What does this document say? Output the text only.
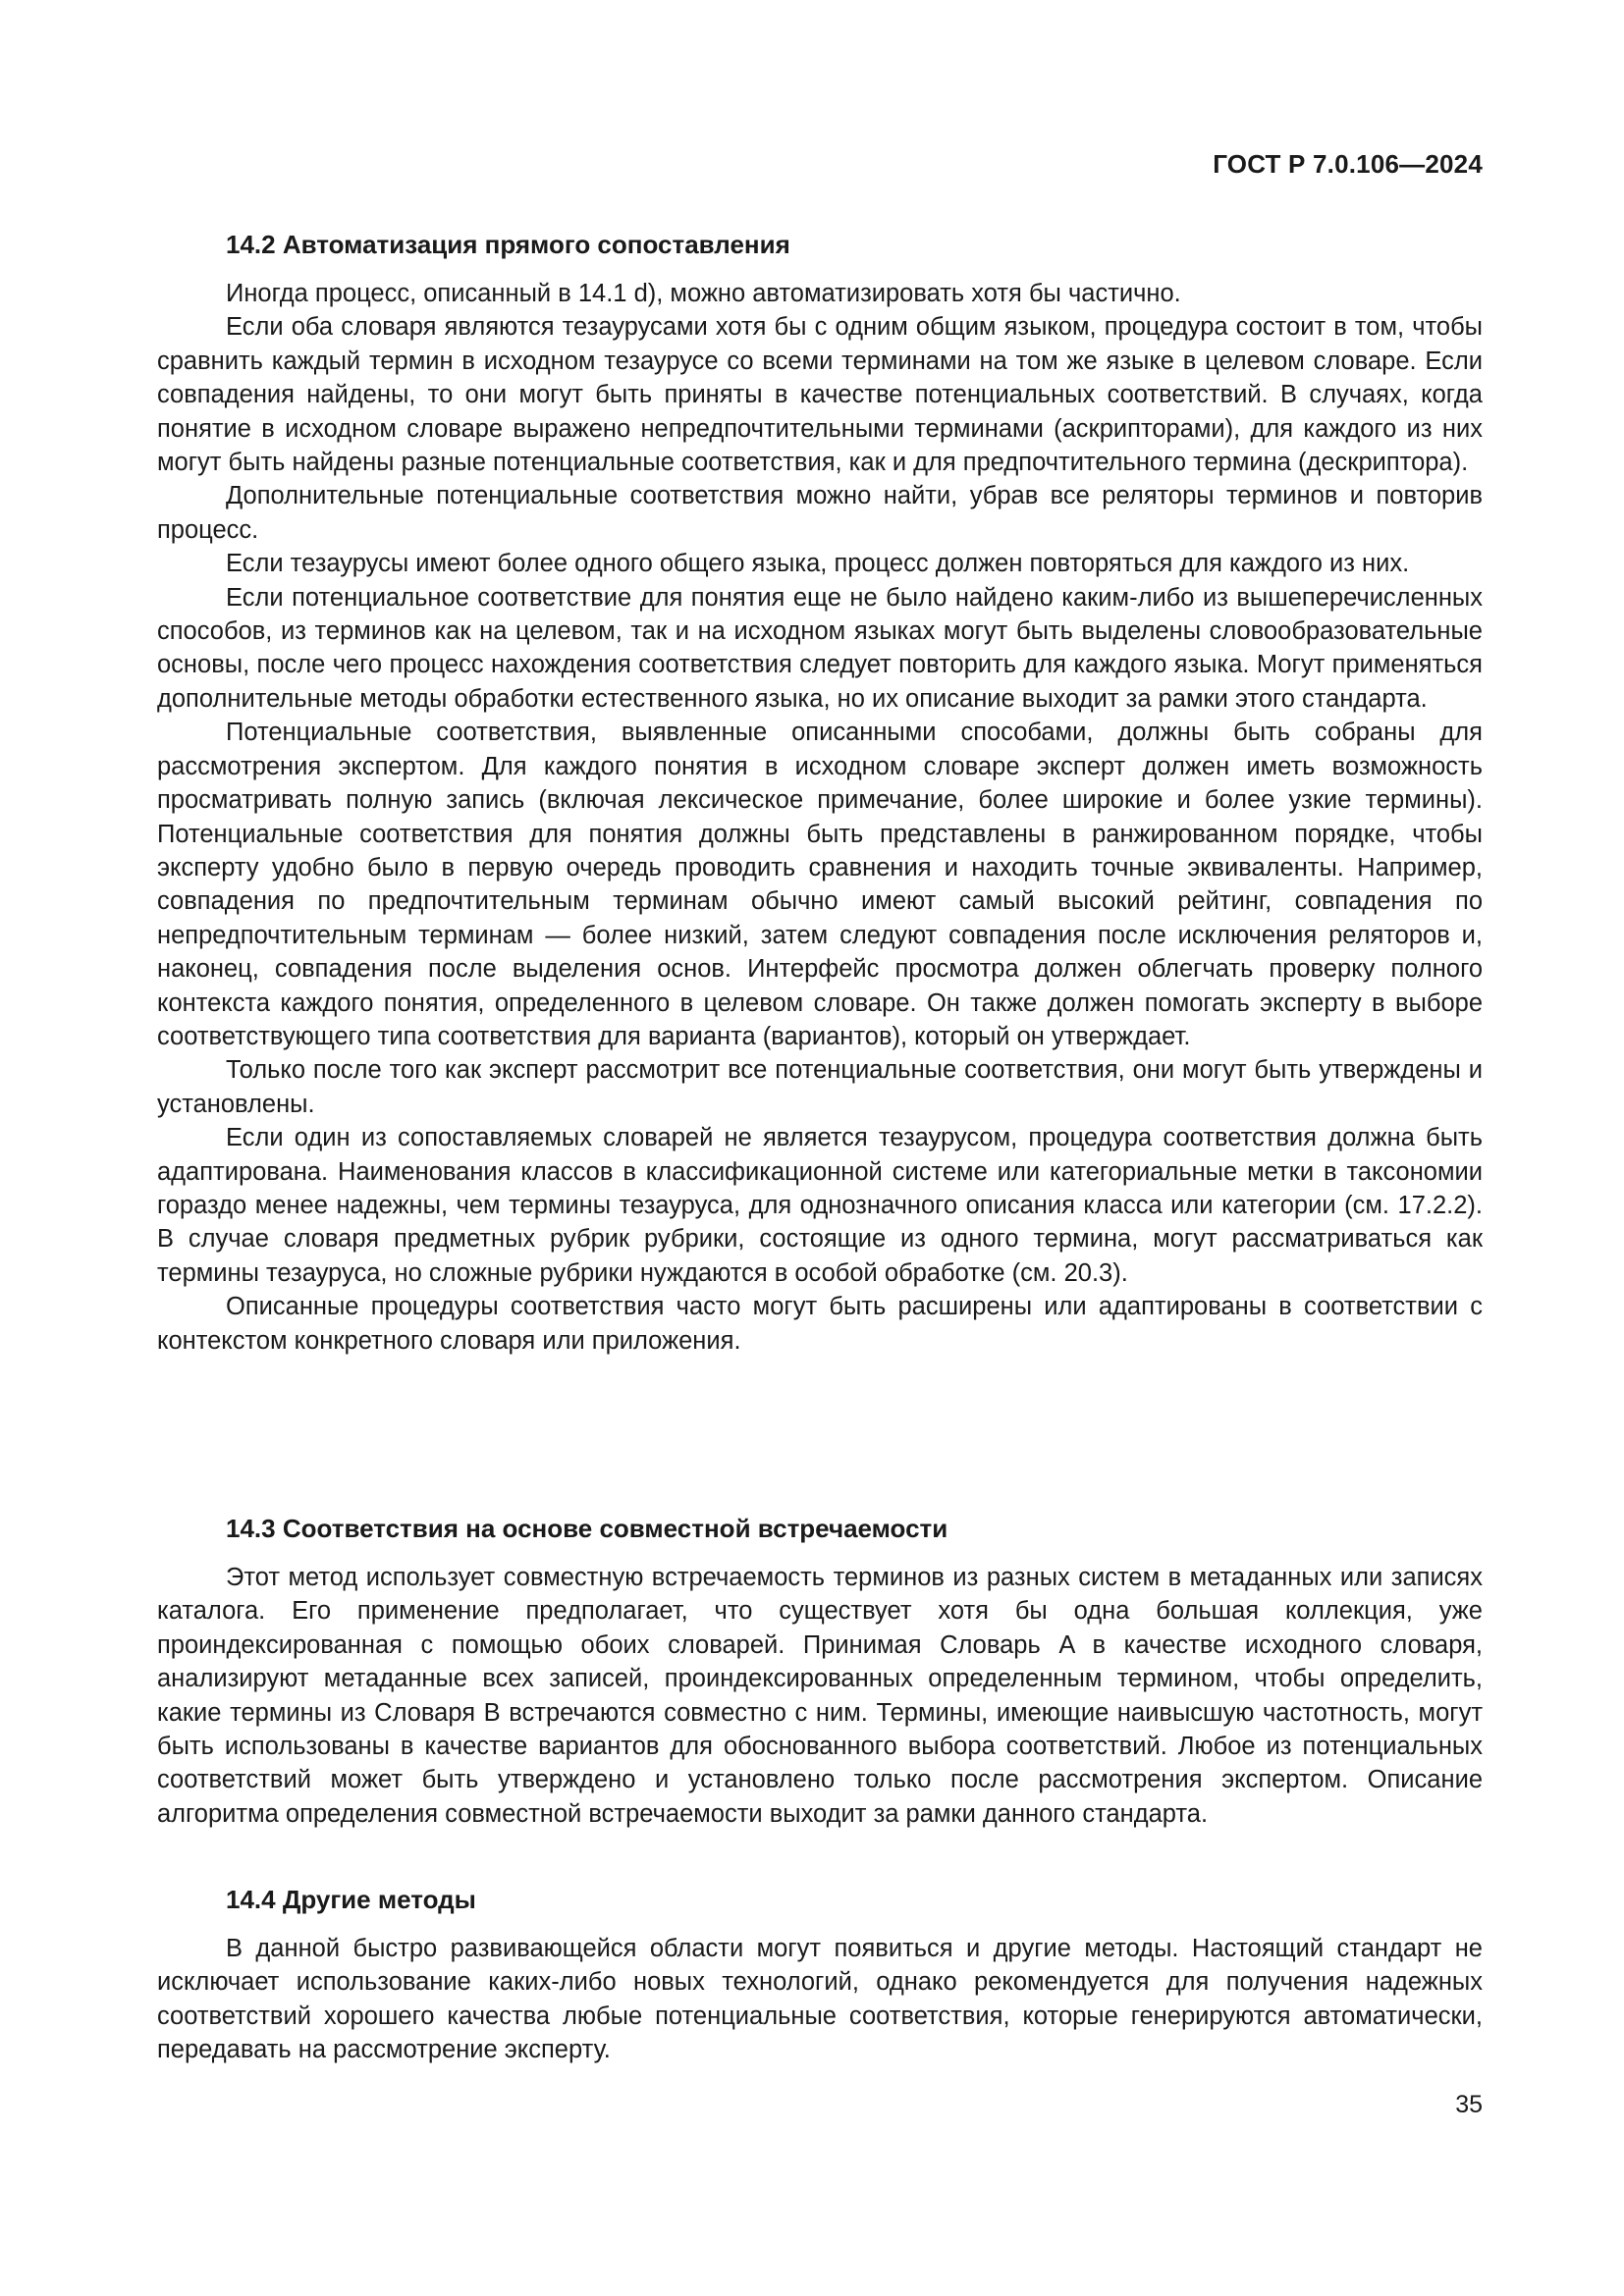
ГОСТ Р 7.0.106—2024
14.2 Автоматизация прямого сопоставления

Иногда процесс, описанный в 14.1 d), можно автоматизировать хотя бы частично.

Если оба словаря являются тезаурусами хотя бы с одним общим языком, процедура состоит в том, чтобы сравнить каждый термин в исходном тезаурусе со всеми терминами на том же языке в целевом словаре. Если совпадения найдены, то они могут быть приняты в качестве потенциальных соответствий. В случаях, когда понятие в исходном словаре выражено непредпочтительными терминами (аскрипторами), для каждого из них могут быть найдены разные потенциальные соответствия, как и для предпочтительного термина (дескриптора).

Дополнительные потенциальные соответствия можно найти, убрав все реляторы терминов и повторив процесс.

Если тезаурусы имеют более одного общего языка, процесс должен повторяться для каждого из них.

Если потенциальное соответствие для понятия еще не было найдено каким-либо из вышеперечисленных способов, из терминов как на целевом, так и на исходном языках могут быть выделены словообразовательные основы, после чего процесс нахождения соответствия следует повторить для каждого языка. Могут применяться дополнительные методы обработки естественного языка, но их описание выходит за рамки этого стандарта.

Потенциальные соответствия, выявленные описанными способами, должны быть собраны для рассмотрения экспертом. Для каждого понятия в исходном словаре эксперт должен иметь возможность просматривать полную запись (включая лексическое примечание, более широкие и более узкие термины). Потенциальные соответствия для понятия должны быть представлены в ранжированном порядке, чтобы эксперту удобно было в первую очередь проводить сравнения и находить точные эквиваленты. Например, совпадения по предпочтительным терминам обычно имеют самый высокий рейтинг, совпадения по непредпочтительным терминам — более низкий, затем следуют совпадения после исключения реляторов и, наконец, совпадения после выделения основ. Интерфейс просмотра должен облегчать проверку полного контекста каждого понятия, определенного в целевом словаре. Он также должен помогать эксперту в выборе соответствующего типа соответствия для варианта (вариантов), который он утверждает.

Только после того как эксперт рассмотрит все потенциальные соответствия, они могут быть утверждены и установлены.

Если один из сопоставляемых словарей не является тезаурусом, процедура соответствия должна быть адаптирована. Наименования классов в классификационной системе или категориальные метки в таксономии гораздо менее надежны, чем термины тезауруса, для однозначного описания класса или категории (см. 17.2.2). В случае словаря предметных рубрик рубрики, состоящие из одного термина, могут рассматриваться как термины тезауруса, но сложные рубрики нуждаются в особой обработке (см. 20.3).

Описанные процедуры соответствия часто могут быть расширены или адаптированы в соответствии с контекстом конкретного словаря или приложения.

14.3 Соответствия на основе совместной встречаемости

Этот метод использует совместную встречаемость терминов из разных систем в метаданных или записях каталога. Его применение предполагает, что существует хотя бы одна большая коллекция, уже проиндексированная с помощью обоих словарей. Принимая Словарь A в качестве исходного словаря, анализируют метаданные всех записей, проиндексированных определенным термином, чтобы определить, какие термины из Словаря B встречаются совместно с ним. Термины, имеющие наивысшую частотность, могут быть использованы в качестве вариантов для обоснованного выбора соответствий. Любое из потенциальных соответствий может быть утверждено и установлено только после рассмотрения экспертом. Описание алгоритма определения совместной встречаемости выходит за рамки данного стандарта.

14.4 Другие методы

В данной быстро развивающейся области могут появиться и другие методы. Настоящий стандарт не исключает использование каких-либо новых технологий, однако рекомендуется для получения надежных соответствий хорошего качества любые потенциальные соответствия, которые генерируются автоматически, передавать на рассмотрение эксперту.

35
